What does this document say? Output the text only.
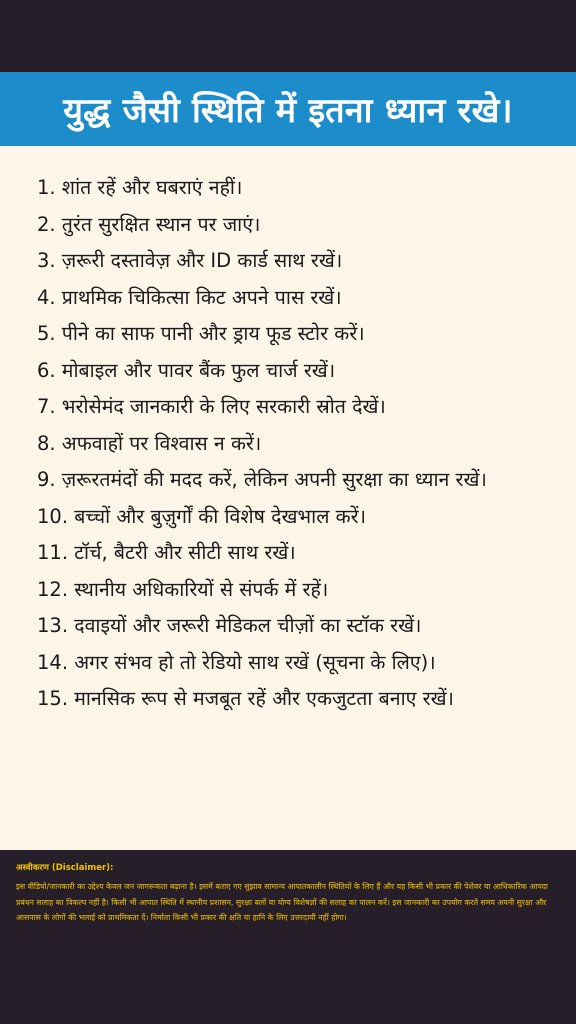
युद्ध जैसी स्थिति में इतना ध्यान रखे।
1. शांत रहें और घबराएं नहीं।
2. तुरंत सुरक्षित स्थान पर जाएं।
3. ज़रूरी दस्तावेज़ और ID कार्ड साथ रखें।
4. प्राथमिक चिकित्सा किट अपने पास रखें।
5. पीने का साफ पानी और ड्राय फूड स्टोर करें।
6. मोबाइल और पावर बैंक फुल चार्ज रखें।
7. भरोसेमंद जानकारी के लिए सरकारी स्रोत देखें।
8. अफवाहों पर विश्वास न करें।
9. ज़रूरतमंदों की मदद करें, लेकिन अपनी सुरक्षा का ध्यान रखें।
10. बच्चों और बुज़ुर्गों की विशेष देखभाल करें।
11. टॉर्च, बैटरी और सीटी साथ रखें।
12. स्थानीय अधिकारियों से संपर्क में रहें।
13. दवाइयों और जरूरी मेडिकल चीज़ों का स्टॉक रखें।
14. अगर संभव हो तो रेडियो साथ रखें (सूचना के लिए)।
15. मानसिक रूप से मजबूत रहें और एकजुटता बनाए रखें।
अस्वीकरण (Disclaimer):
इस वीडियो/जानकारी का उद्देश्य केवल जन जागरूकता बढ़ाना है। इसमें बताए गए सुझाव सामान्य आपातकालीन स्थितियों के लिए हैं और यह किसी भी प्रकार की पेशेवर या आधिकारिक आपदा प्रबंधन सलाह का विकल्प नहीं है। किसी भी आपात स्थिति में स्थानीय प्रशासन, सुरक्षा बलों या योग्य विशेषज्ञों की सलाह का पालन करें। इस जानकारी का उपयोग करते समय अपनी सुरक्षा और आसपास के लोगों की भलाई को प्राथमिकता दें। निर्माता किसी भी प्रकार की क्षति या हानि के लिए उत्तरदायी नहीं होगा।
